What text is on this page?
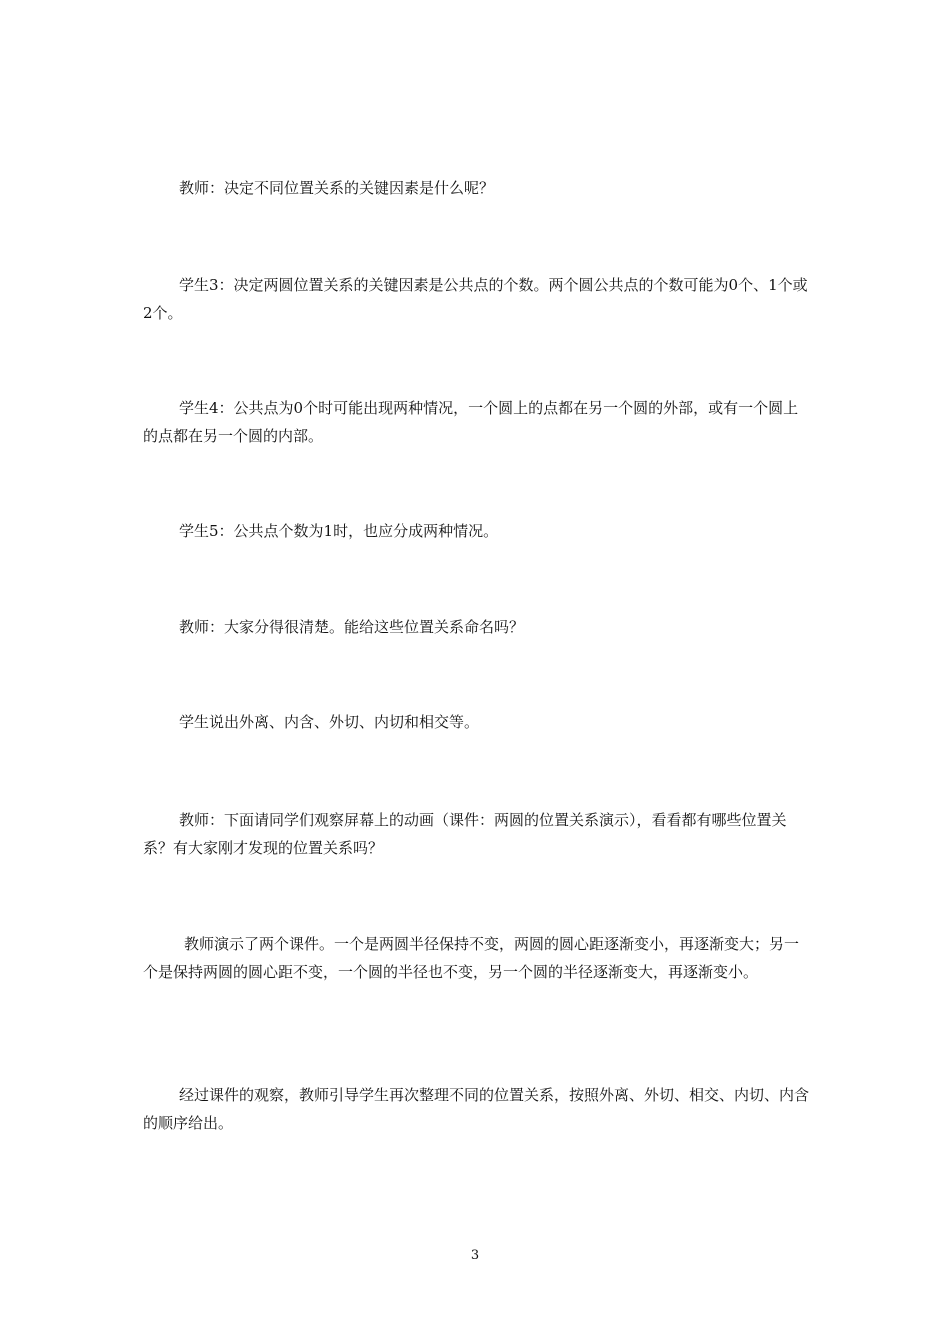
教师：决定不同位置关系的关键因素是什么呢？

学生3：决定两圆位置关系的关键因素是公共点的个数。两个圆公共点的个数可能为0个、1个或2个。

学生4：公共点为0个时可能出现两种情况，一个圆上的点都在另一个圆的外部，或有一个圆上的点都在另一个圆的内部。

学生5：公共点个数为1时，也应分成两种情况。

教师：大家分得很清楚。能给这些位置关系命名吗？

学生说出外离、内含、外切、内切和相交等。

教师：下面请同学们观察屏幕上的动画（课件：两圆的位置关系演示），看看都有哪些位置关系？有大家刚才发现的位置关系吗？

教师演示了两个课件。一个是两圆半径保持不变，两圆的圆心距逐渐变小，再逐渐变大；另一个是保持两圆的圆心距不变，一个圆的半径也不变，另一个圆的半径逐渐变大，再逐渐变小。

经过课件的观察，教师引导学生再次整理不同的位置关系，按照外离、外切、相交、内切、内含的顺序给出。

3
